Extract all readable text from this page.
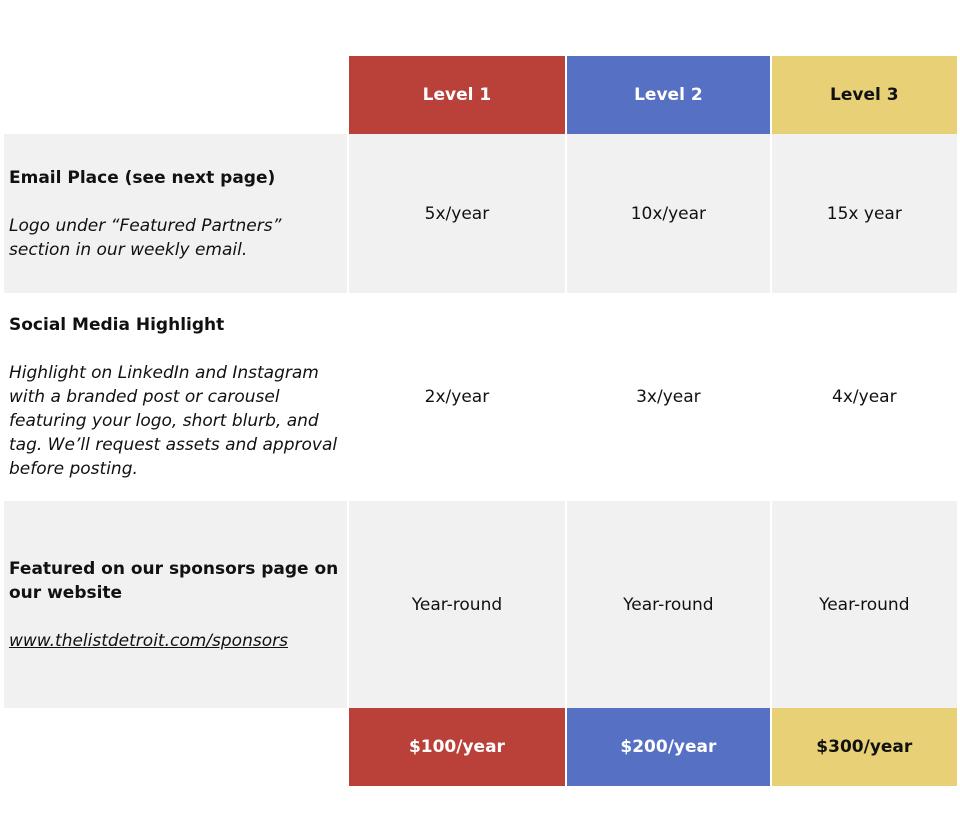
	Level 1	Level 2	Level 3

Email Place (see next page)

Logo under “Featured Partners” section in our weekly email.	5x/year	10x/year	15x year

Social Media Highlight

Highlight on LinkedIn and Instagram with a branded post or carousel featuring your logo, short blurb, and tag. We’ll request assets and approval before posting.	2x/year	3x/year	4x/year

Featured on our sponsors page on our website

www.thelistdetroit.com/sponsors	Year-round	Year-round	Year-round
	$100/year	$200/year	$300/year
